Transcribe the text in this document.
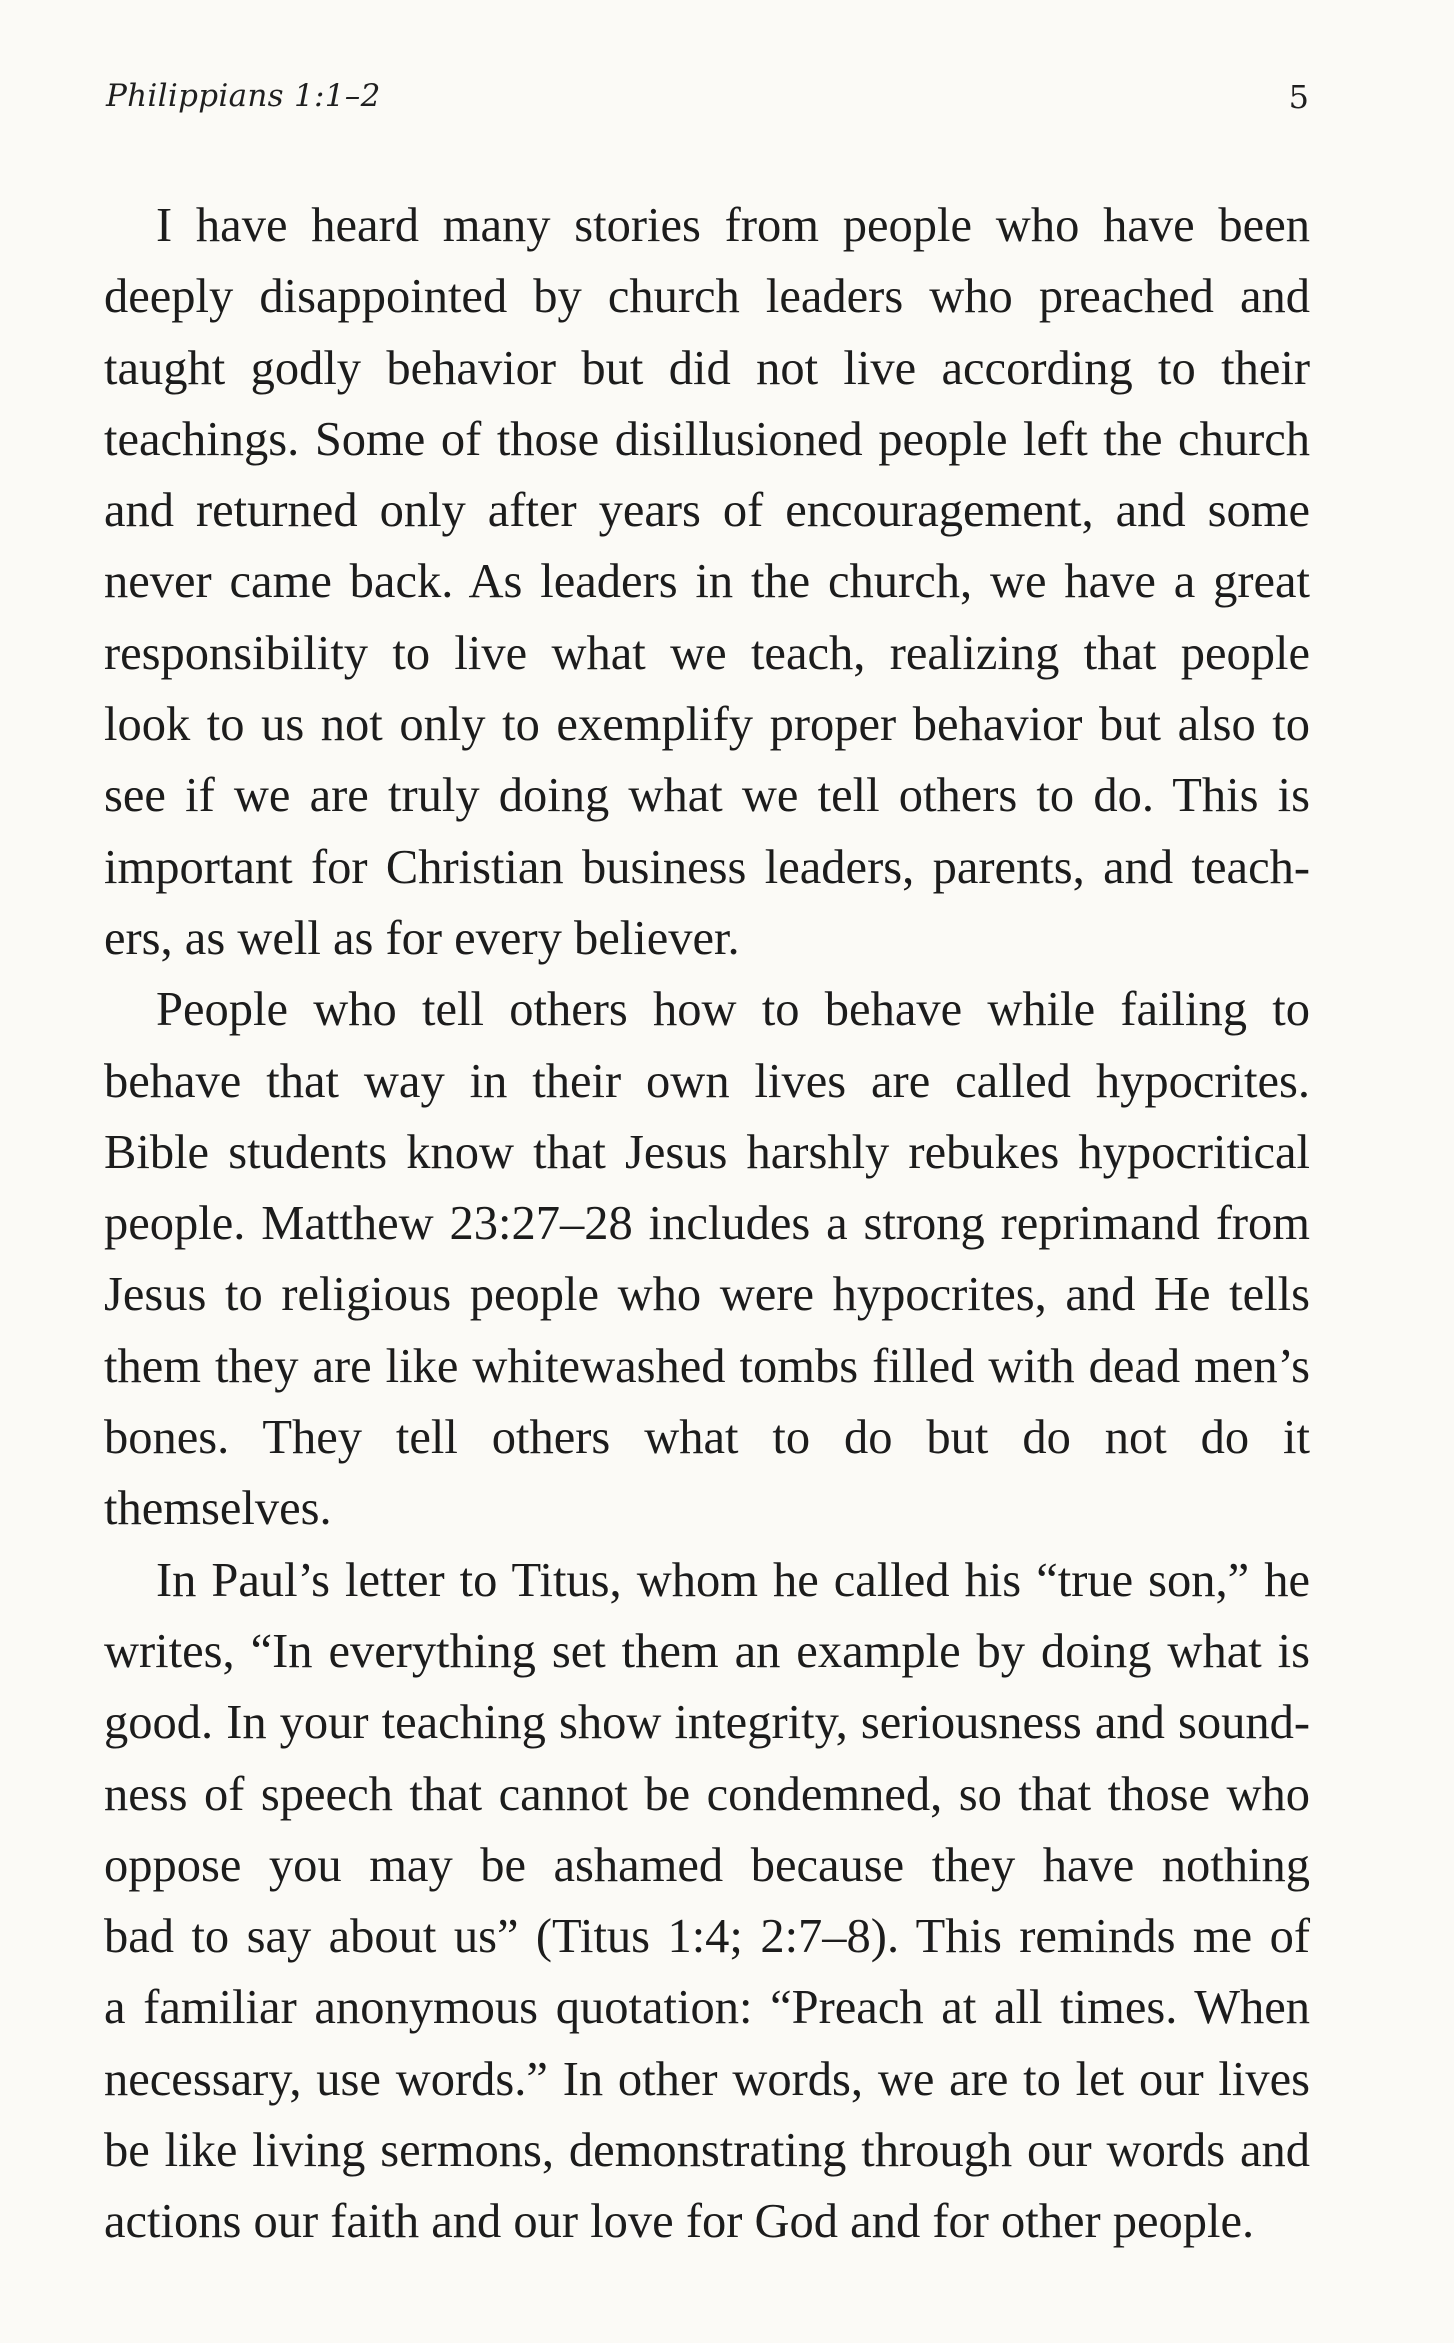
Philippians 1:1–2	5

I have heard many stories from people who have been
deeply disappointed by church leaders who preached and
taught godly behavior but did not live according to their
teachings. Some of those disillusioned people left the church
and returned only after years of encouragement, and some
never came back. As leaders in the church, we have a great
responsibility to live what we teach, realizing that people
look to us not only to exemplify proper behavior but also to
see if we are truly doing what we tell others to do. This is
important for Christian business leaders, parents, and teach-
ers, as well as for every believer.

People who tell others how to behave while failing to
behave that way in their own lives are called hypocrites.
Bible students know that Jesus harshly rebukes hypocritical
people. Matthew 23:27–28 includes a strong reprimand from
Jesus to religious people who were hypocrites, and He tells
them they are like whitewashed tombs filled with dead men’s
bones. They tell others what to do but do not do it themselves.

In Paul’s letter to Titus, whom he called his “true son,” he
writes, “In everything set them an example by doing what is
good. In your teaching show integrity, seriousness and sound-
ness of speech that cannot be condemned, so that those who
oppose you may be ashamed because they have nothing
bad to say about us” (Titus 1:4; 2:7–8). This reminds me of
a familiar anonymous quotation: “Preach at all times. When
necessary, use words.” In other words, we are to let our lives
be like living sermons, demonstrating through our words and
actions our faith and our love for God and for other people.
